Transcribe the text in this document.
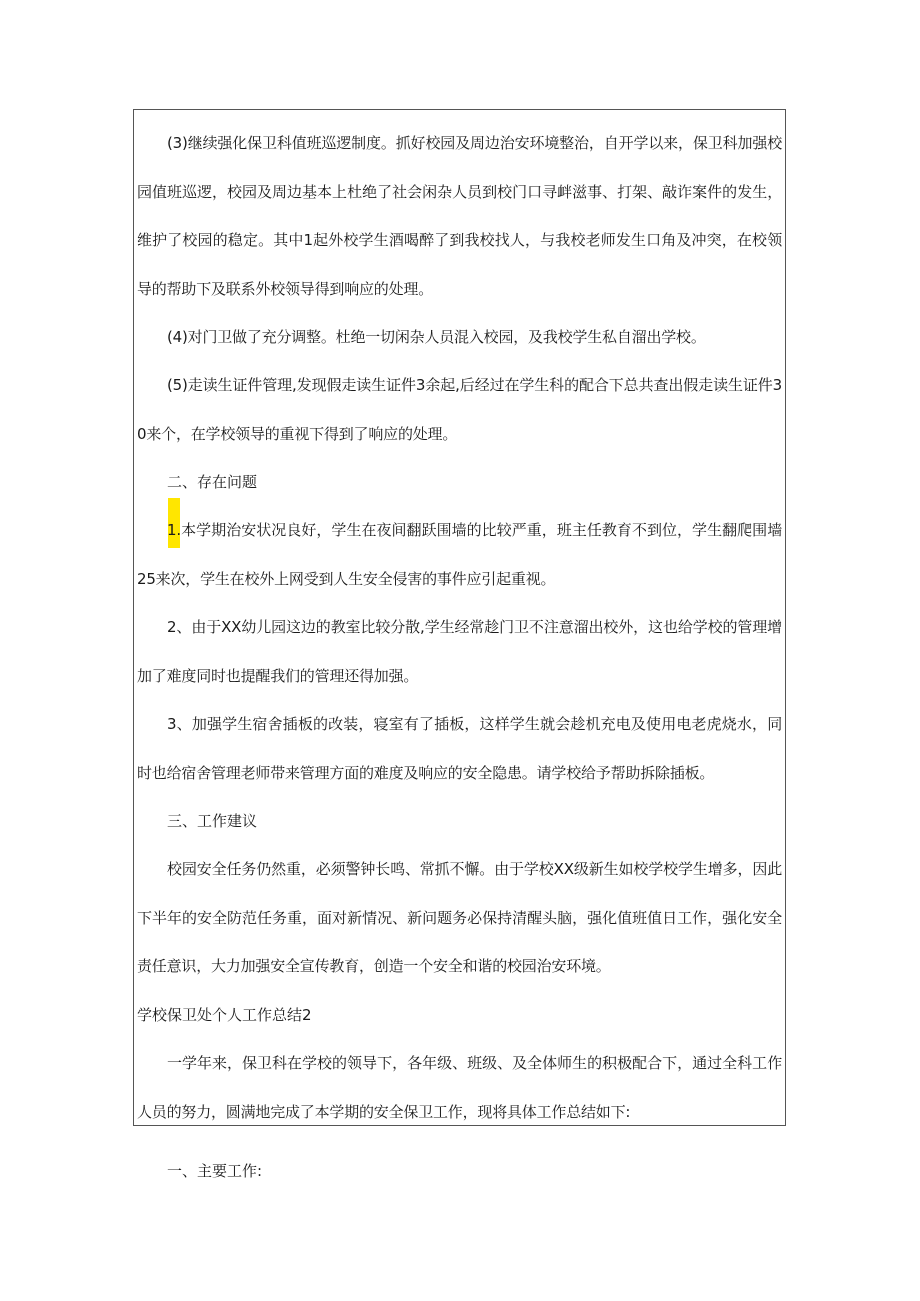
(3)继续强化保卫科值班巡逻制度。抓好校园及周边治安环境整治，自开学以来，保卫科加强校园值班巡逻，校园及周边基本上杜绝了社会闲杂人员到校门口寻衅滋事、打架、敲诈案件的发生，维护了校园的稳定。其中1起外校学生酒喝醉了到我校找人，与我校老师发生口角及冲突，在校领导的帮助下及联系外校领导得到响应的处理。

(4)对门卫做了充分调整。杜绝一切闲杂人员混入校园，及我校学生私自溜出学校。

(5)走读生证件管理,发现假走读生证件3余起,后经过在学生科的配合下总共查出假走读生证件30来个，在学校领导的重视下得到了响应的处理。

二、存在问题

1.本学期治安状况良好，学生在夜间翻跃围墙的比较严重，班主任教育不到位，学生翻爬围墙25来次，学生在校外上网受到人生安全侵害的事件应引起重视。

2、由于XX幼儿园这边的教室比较分散,学生经常趁门卫不注意溜出校外，这也给学校的管理增加了难度同时也提醒我们的管理还得加强。

3、加强学生宿舍插板的改装，寝室有了插板，这样学生就会趁机充电及使用电老虎烧水，同时也给宿舍管理老师带来管理方面的难度及响应的安全隐患。请学校给予帮助拆除插板。

三、工作建议

校园安全任务仍然重，必须警钟长鸣、常抓不懈。由于学校XX级新生如校学校学生增多，因此下半年的安全防范任务重，面对新情况、新问题务必保持清醒头脑，强化值班值日工作，强化安全责任意识，大力加强安全宣传教育，创造一个安全和谐的校园治安环境。

学校保卫处个人工作总结2

一学年来，保卫科在学校的领导下，各年级、班级、及全体师生的积极配合下，通过全科工作人员的努力，圆满地完成了本学期的安全保卫工作，现将具体工作总结如下:

一、主要工作:
